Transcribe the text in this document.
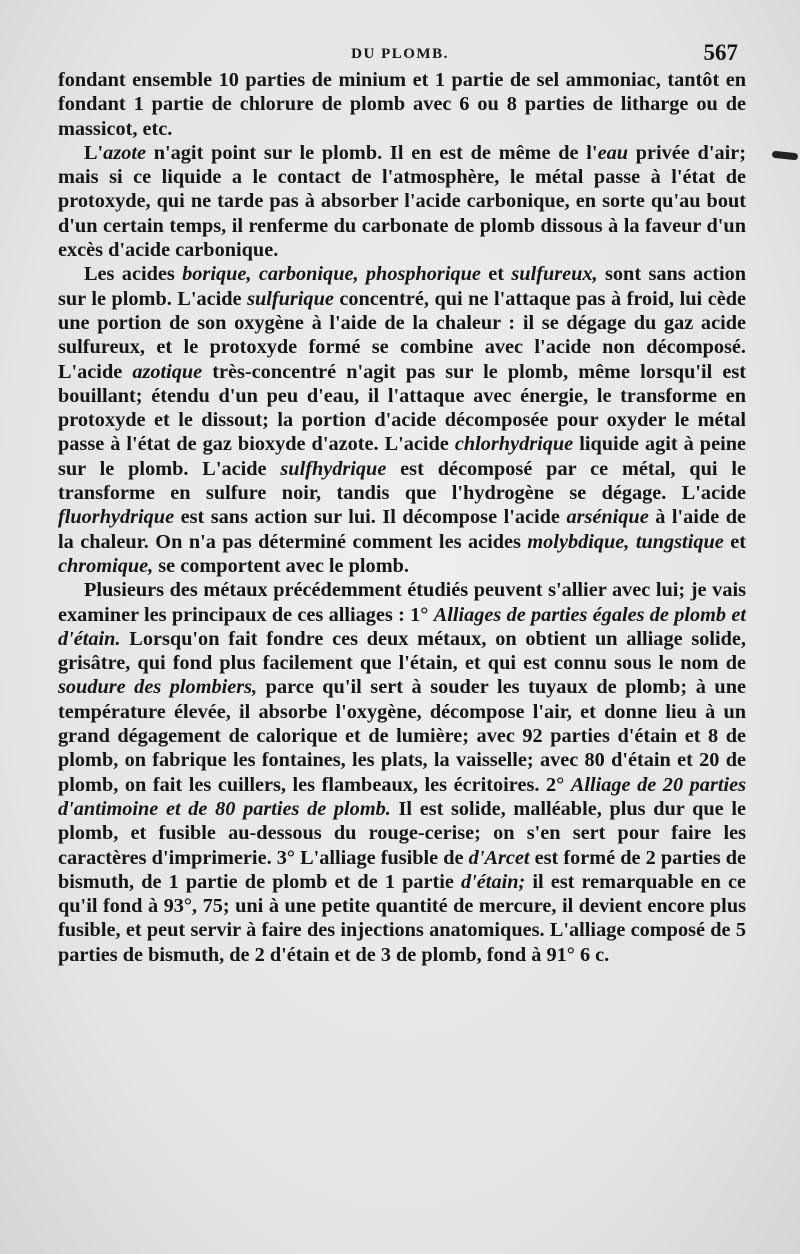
DU PLOMB.	567

fondant ensemble 10 parties de minium et 1 partie de sel ammoniac, tantôt en fondant 1 partie de chlorure de plomb avec 6 ou 8 parties de litharge ou de massicot, etc.

L'azote n'agit point sur le plomb. Il en est de même de l'eau privée d'air; mais si ce liquide a le contact de l'atmosphère, le métal passe à l'état de protoxyde, qui ne tarde pas à absorber l'acide carbonique, en sorte qu'au bout d'un certain temps, il renferme du carbonate de plomb dissous à la faveur d'un excès d'acide carbonique.

Les acides borique, carbonique, phosphorique et sulfureux, sont sans action sur le plomb. L'acide sulfurique concentré, qui ne l'attaque pas à froid, lui cède une portion de son oxygène à l'aide de la chaleur : il se dégage du gaz acide sulfureux, et le protoxyde formé se combine avec l'acide non décomposé. L'acide azotique très-concentré n'agit pas sur le plomb, même lorsqu'il est bouillant; étendu d'un peu d'eau, il l'attaque avec énergie, le transforme en protoxyde et le dissout; la portion d'acide décomposée pour oxyder le métal passe à l'état de gaz bioxyde d'azote. L'acide chlorhydrique liquide agit à peine sur le plomb. L'acide sulfhydrique est décomposé par ce métal, qui le transforme en sulfure noir, tandis que l'hydrogène se dégage. L'acide fluorhydrique est sans action sur lui. Il décompose l'acide arsénique à l'aide de la chaleur. On n'a pas déterminé comment les acides molybdique, tungstique et chromique, se comportent avec le plomb.

Plusieurs des métaux précédemment étudiés peuvent s'allier avec lui; je vais examiner les principaux de ces alliages : 1° Alliages de parties égales de plomb et d'étain. Lorsqu'on fait fondre ces deux métaux, on obtient un alliage solide, grisâtre, qui fond plus facilement que l'étain, et qui est connu sous le nom de soudure des plombiers, parce qu'il sert à souder les tuyaux de plomb; à une température élevée, il absorbe l'oxygène, décompose l'air, et donne lieu à un grand dégagement de calorique et de lumière; avec 92 parties d'étain et 8 de plomb, on fabrique les fontaines, les plats, la vaisselle; avec 80 d'étain et 20 de plomb, on fait les cuillers, les flambeaux, les écritoires. 2° Alliage de 20 parties d'antimoine et de 80 parties de plomb. Il est solide, malléable, plus dur que le plomb, et fusible au-dessous du rouge-cerise; on s'en sert pour faire les caractères d'imprimerie. 3° L'alliage fusible de d'Arcet est formé de 2 parties de bismuth, de 1 partie de plomb et de 1 partie d'étain; il est remarquable en ce qu'il fond à 93°, 75; uni à une petite quantité de mercure, il devient encore plus fusible, et peut servir à faire des injections anatomiques. L'alliage composé de 5 parties de bismuth, de 2 d'étain et de 3 de plomb, fond à 91° 6 c.
